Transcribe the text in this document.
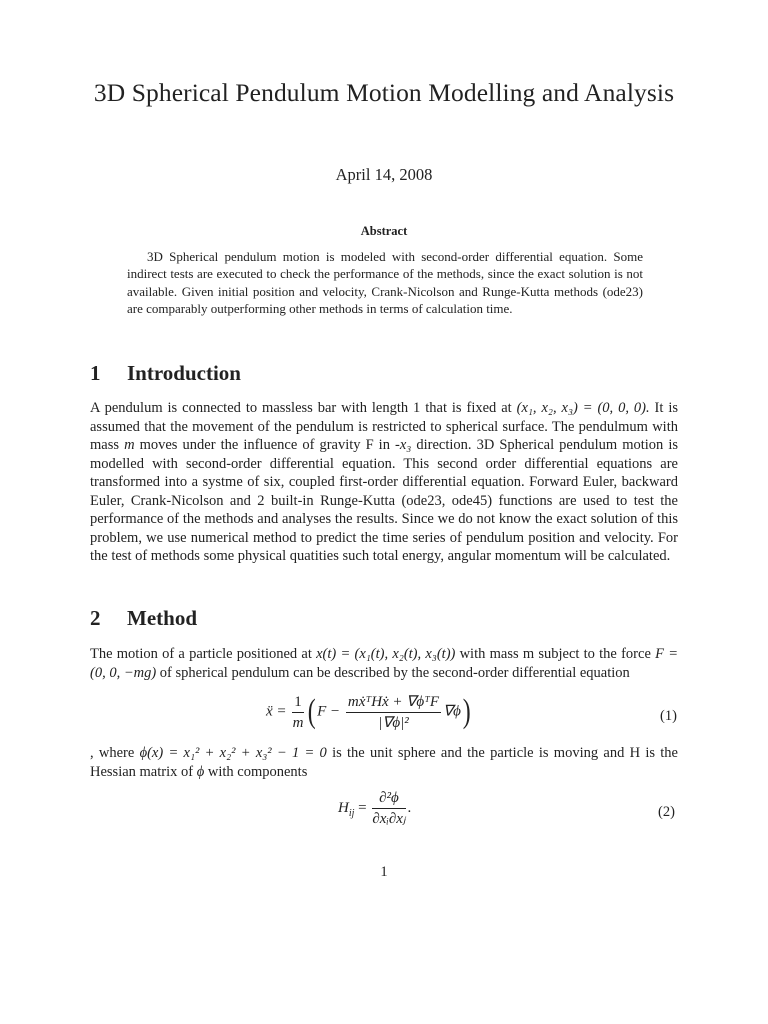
3D Spherical Pendulum Motion Modelling and Analysis
April 14, 2008
Abstract

3D Spherical pendulum motion is modeled with second-order differential equation. Some indirect tests are executed to check the performance of the methods, since the exact solution is not available. Given initial position and velocity, Crank-Nicolson and Runge-Kutta methods (ode23) are comparably outperforming other methods in terms of calculation time.

1 Introduction

A pendulum is connected to massless bar with length 1 that is fixed at (x₁, x₂, x₃) = (0, 0, 0). It is assumed that the movement of the pendulum is restricted to spherical surface. The pendulmum with mass m moves under the influence of gravity F in -x₃ direction. 3D Spherical pendulum motion is modelled with second-order differential equation. This second order differential equations are transformed into a systme of six, coupled first-order differential equation. Forward Euler, backward Euler, Crank-Nicolson and 2 built-in Runge-Kutta (ode23, ode45) functions are used to test the performance of the methods and analyses the results. Since we do not know the exact solution of this problem, we use numerical method to predict the time series of pendulum position and velocity. For the test of methods some physical quatities such total energy, angular momentum will be calculated.

2 Method

The motion of a particle positioned at x(t) = (x₁(t), x₂(t), x₃(t)) with mass m subject to the force F = (0, 0, −mg) of spherical pendulum can be described by the second-order differential equation

ẍ = $\frac{1}{m}$ ( $F - \frac{\text{mẋᵀHẋ + ∇ϕᵀF}}{\text{|∇ϕ|²}} \nabla\phi$)	(1)

, where ϕ(x) = x₁² + x₂² + x₃² − 1 = 0 is the unit sphere and the particle is moving and H is the Hessian matrix of ϕ with components

$H_{ij} = \frac{\text{∂²ϕ}}{\text{∂xᵢ∂xⱼ}}$ .	(2)
1
